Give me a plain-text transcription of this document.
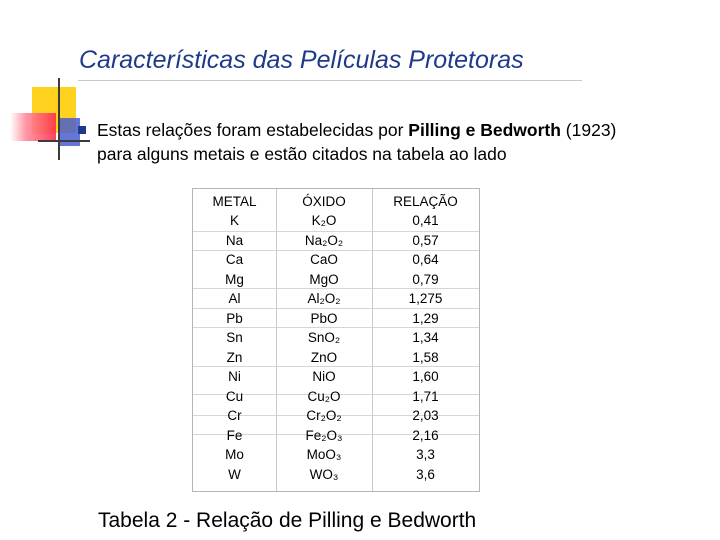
Características das Películas Protetoras
Estas relações foram estabelecidas por Pilling e Bedworth (1923)
para alguns metais e estão citados na tabela ao lado
METAL	ÓXIDO	RELAÇÃO
K	K₂O	0,41
Na	Na₂O₂	0,57
Ca	CaO	0,64
Mg	MgO	0,79
Al	Al₂O₂	1,275
Pb	PbO	1,29
Sn	SnO₂	1,34
Zn	ZnO	1,58
Ni	NiO	1,60
Cu	Cu₂O	1,71
Cr	Cr₂O₂	2,03
Fe	Fe₂O₃	2,16
Mo	MoO₃	3,3
W	WO₃	3,6
Tabela 2 - Relação de Pilling e Bedworth
